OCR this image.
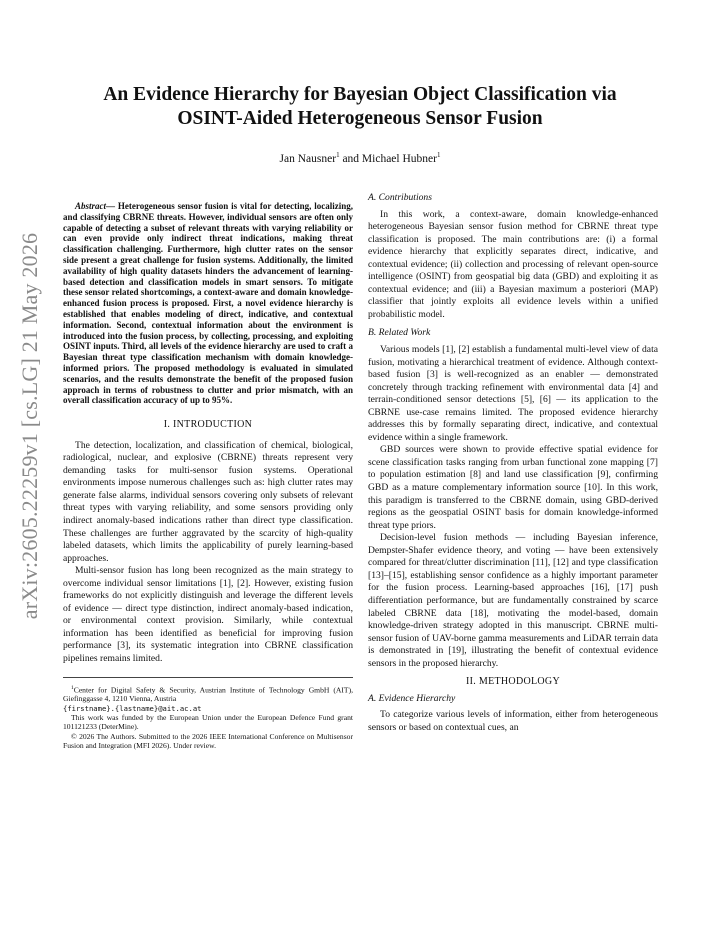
arXiv:2605.22259v1 [cs.LG] 21 May 2026
An Evidence Hierarchy for Bayesian Object Classification via
OSINT-Aided Heterogeneous Sensor Fusion
Jan Nausner$^1$ and Michael Hubner$^1$

Abstract— Heterogeneous sensor fusion is vital for detecting, localizing, and classifying CBRNE threats. However, individual sensors are often only capable of detecting a subset of relevant threats with varying reliability or can even provide only indirect threat indications, making threat classification challenging. Furthermore, high clutter rates on the sensor side present a great challenge for fusion systems. Additionally, the limited availability of high quality datasets hinders the advancement of learning-based detection and classification models in smart sensors. To mitigate these sensor related shortcomings, a context-aware and domain knowledge-enhanced fusion process is proposed. First, a novel evidence hierarchy is established that enables modeling of direct, indicative, and contextual information. Second, contextual information about the environment is introduced into the fusion process, by collecting, processing, and exploiting OSINT inputs. Third, all levels of the evidence hierarchy are used to craft a Bayesian threat type classification mechanism with domain knowledge-informed priors. The proposed methodology is evaluated in simulated scenarios, and the results demonstrate the benefit of the proposed fusion approach in terms of robustness to clutter and prior mismatch, with an overall classification accuracy of up to 95%.

I. INTRODUCTION

The detection, localization, and classification of chemical, biological, radiological, nuclear, and explosive (CBRNE) threats represent very demanding tasks for multi-sensor fusion systems. Operational environments impose numerous challenges such as: high clutter rates may generate false alarms, individual sensors covering only subsets of relevant threat types with varying reliability, and some sensors providing only indirect anomaly-based indications rather than direct type classification. These challenges are further aggravated by the scarcity of high-quality labeled datasets, which limits the applicability of purely learning-based approaches.

Multi-sensor fusion has long been recognized as the main strategy to overcome individual sensor limitations [1], [2]. However, existing fusion frameworks do not explicitly distinguish and leverage the different levels of evidence — direct type distinction, indirect anomaly-based indication, or environmental context provision. Similarly, while contextual information has been identified as beneficial for improving fusion performance [3], its systematic integration into CBRNE classification pipelines remains limited.

$^1$Center for Digital Safety & Security, Austrian Institute of Technology GmbH (AIT), Giefinggasse 4, 1210 Vienna, Austria
{firstname}.{lastname}@ait.ac.at

This work was funded by the European Union under the European Defence Fund grant 101121233 (DeterMine).

© 2026 The Authors. Submitted to the 2026 IEEE International Conference on Multisensor Fusion and Integration (MFI 2026). Under review.

A. Contributions

In this work, a context-aware, domain knowledge-enhanced heterogeneous Bayesian sensor fusion method for CBRNE threat type classification is proposed. The main contributions are: (i) a formal evidence hierarchy that explicitly separates direct, indicative, and contextual evidence; (ii) collection and processing of relevant open-source intelligence (OSINT) from geospatial big data (GBD) and exploiting it as contextual evidence; and (iii) a Bayesian maximum a posteriori (MAP) classifier that jointly exploits all evidence levels within a unified probabilistic model.

B. Related Work

Various models [1], [2] establish a fundamental multi-level view of data fusion, motivating a hierarchical treatment of evidence. Although context-based fusion [3] is well-recognized as an enabler — demonstrated concretely through tracking refinement with environmental data [4] and terrain-conditioned sensor detections [5], [6] — its application to the CBRNE use-case remains limited. The proposed evidence hierarchy addresses this by formally separating direct, indicative, and contextual evidence within a single framework.

GBD sources were shown to provide effective spatial evidence for scene classification tasks ranging from urban functional zone mapping [7] to population estimation [8] and land use classification [9], confirming GBD as a mature complementary information source [10]. In this work, this paradigm is transferred to the CBRNE domain, using GBD-derived regions as the geospatial OSINT basis for domain knowledge-informed threat type priors.

Decision-level fusion methods — including Bayesian inference, Dempster-Shafer evidence theory, and voting — have been extensively compared for threat/clutter discrimination [11], [12] and type classification [13]–[15], establishing sensor confidence as a highly important parameter for the fusion process. Learning-based approaches [16], [17] push differentiation performance, but are fundamentally constrained by scarce labeled CBRNE data [18], motivating the model-based, domain knowledge-driven strategy adopted in this manuscript. CBRNE multi-sensor fusion of UAV-borne gamma measurements and LiDAR terrain data is demonstrated in [19], illustrating the benefit of contextual evidence sensors in the proposed hierarchy.

II. METHODOLOGY
A. Evidence Hierarchy

To categorize various levels of information, either from heterogeneous sensors or based on contextual cues, an
